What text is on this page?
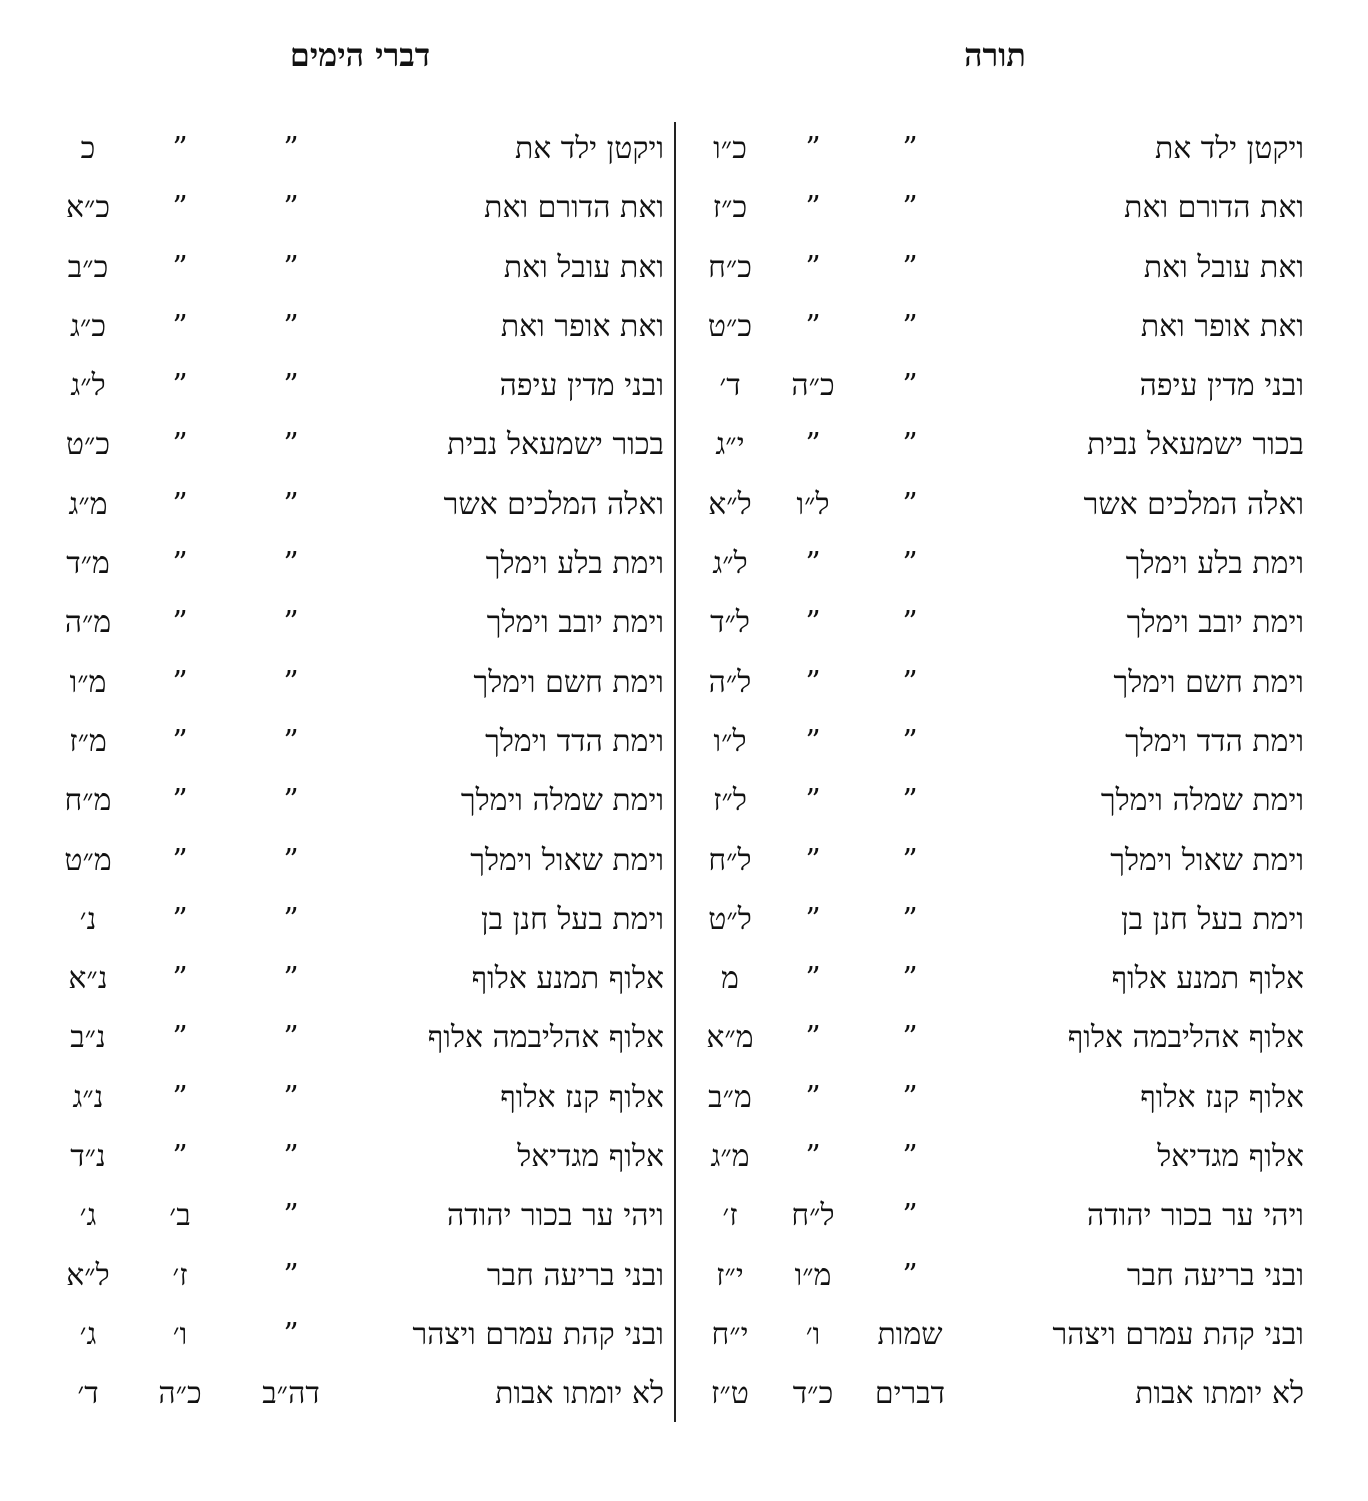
תורה
דברי הימים
ויקטן ילד את
”
”
כ״ו
ויקטן ילד את
”
”
כ
ואת הדורם ואת
”
”
כ״ז
ואת הדורם ואת
”
”
כ״א
ואת עובל ואת
”
”
כ״ח
ואת עובל ואת
”
”
כ״ב
ואת אופר ואת
”
”
כ״ט
ואת אופר ואת
”
”
כ״ג
ובני מדין עיפה
”
כ״ה
ד׳
ובני מדין עיפה
”
”
ל״ג
בכור ישמעאל נבית
”
”
י״ג
בכור ישמעאל נבית
”
”
כ״ט
ואלה המלכים אשר
”
ל״ו
ל״א
ואלה המלכים אשר
”
”
מ״ג
וימת בלע וימלך
”
”
ל״ג
וימת בלע וימלך
”
”
מ״ד
וימת יובב וימלך
”
”
ל״ד
וימת יובב וימלך
”
”
מ״ה
וימת חשם וימלך
”
”
ל״ה
וימת חשם וימלך
”
”
מ״ו
וימת הדד וימלך
”
”
ל״ו
וימת הדד וימלך
”
”
מ״ז
וימת שמלה וימלך
”
”
ל״ז
וימת שמלה וימלך
”
”
מ״ח
וימת שאול וימלך
”
”
ל״ח
וימת שאול וימלך
”
”
מ״ט
וימת בעל חנן בן
”
”
ל״ט
וימת בעל חנן בן
”
”
נ׳
אלוף תמנע אלוף
”
”
מ
אלוף תמנע אלוף
”
”
נ״א
אלוף אהליבמה אלוף
”
”
מ״א
אלוף אהליבמה אלוף
”
”
נ״ב
אלוף קנז אלוף
”
”
מ״ב
אלוף קנז אלוף
”
”
נ״ג
אלוף מגדיאל
”
”
מ״ג
אלוף מגדיאל
”
”
נ״ד
ויהי ער בכור יהודה
”
ל״ח
ז׳
ויהי ער בכור יהודה
”
ב׳
ג׳
ובני בריעה חבר
”
מ״ו
י״ז
ובני בריעה חבר
”
ז׳
ל״א
ובני קהת עמרם ויצהר
שמות
ו׳
י״ח
ובני קהת עמרם ויצהר
”
ו׳
ג׳
לא יומתו אבות
דברים
כ״ד
ט״ז
לא יומתו אבות
דה״ב
כ״ה
ד׳
